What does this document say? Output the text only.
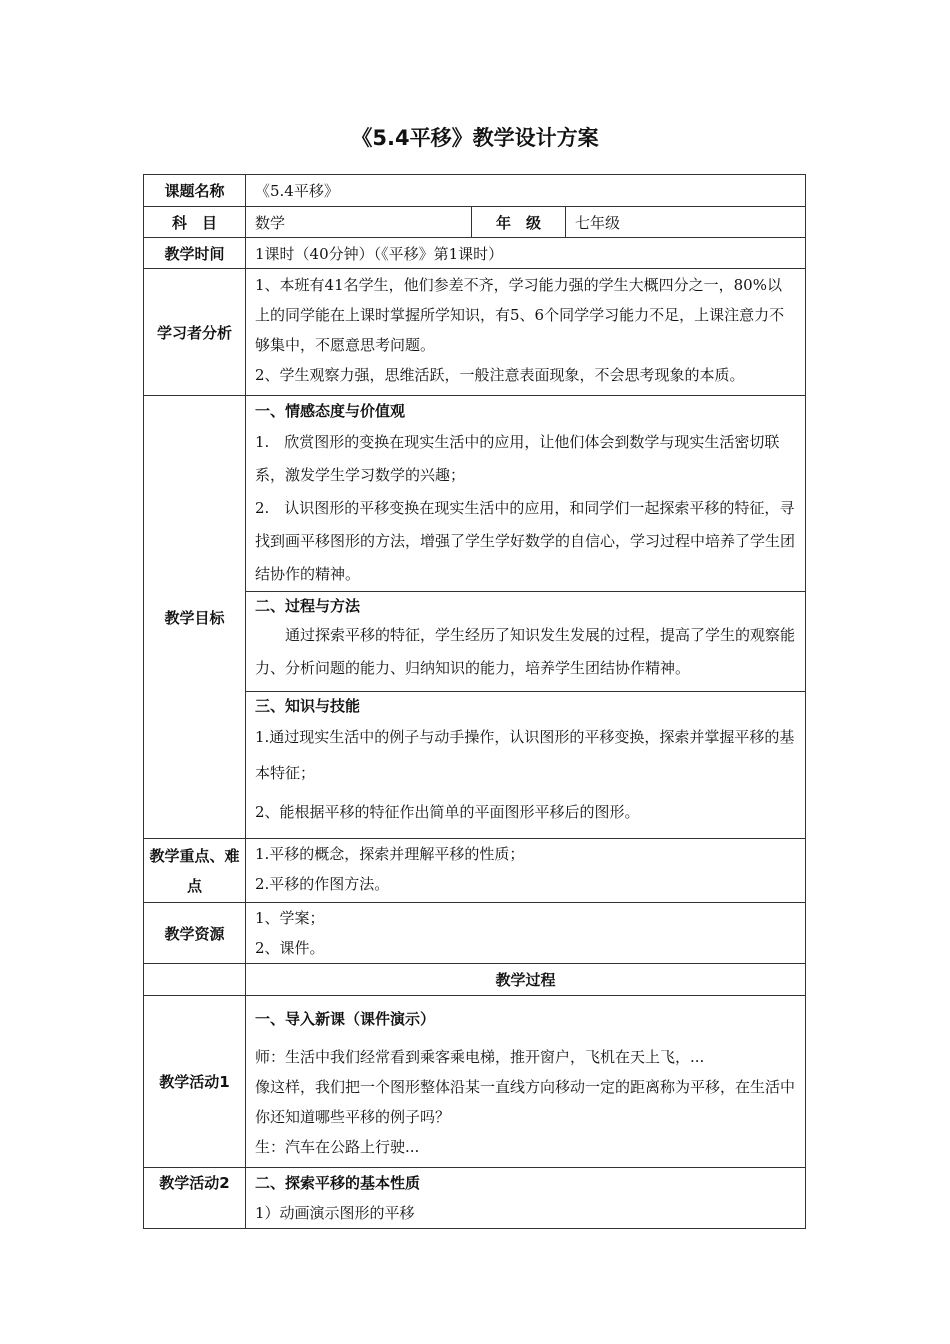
《5.4平移》教学设计方案
课题名称	《5.4平移》		
科　目	数学	年　级	七年级
教学时间	1课时（40分钟）（《平移》第1课时）		
学习者分析	1、本班有41名学生，他们参差不齐，学习能力强的学生大概四分之一，80%以上的同学能在上课时掌握所学知识，有5、6个同学学习能力不足，上课注意力不够集中，不愿意思考问题。
2、学生观察力强，思维活跃，一般注意表面现象，不会思考现象的本质。		

教学目标	一、情感态度与价值观
1.　欣赏图形的变换在现实生活中的应用，让他们体会到数学与现实生活密切联系，激发学生学习数学的兴趣；
2.　认识图形的平移变换在现实生活中的应用，和同学们一起探索平移的特征，寻找到画平移图形的方法，增强了学生学好数学的自信心，学习过程中培养了学生团结协作的精神。		

	二、过程与方法
通过探索平移的特征，学生经历了知识发生发展的过程，提高了学生的观察能力、分析问题的能力、归纳知识的能力，培养学生团结协作精神。		

	三、知识与技能
1.通过现实生活中的例子与动手操作，认识图形的平移变换，探索并掌握平移的基本特征；
2、能根据平移的特征作出简单的平面图形平移后的图形。		

教学重点、难点	1.平移的概念，探索并理解平移的性质；
2.平移的作图方法。		

教学资源	1、学案；
2、课件。		

	教学过程		
教学活动1	一、导入新课（课件演示）
师：生活中我们经常看到乘客乘电梯，推开窗户，飞机在天上飞，...
像这样，我们把一个图形整体沿某一直线方向移动一定的距离称为平移，在生活中你还知道哪些平移的例子吗？
生：汽车在公路上行驶...		

教学活动2	二、探索平移的基本性质
1）动画演示图形的平移		
